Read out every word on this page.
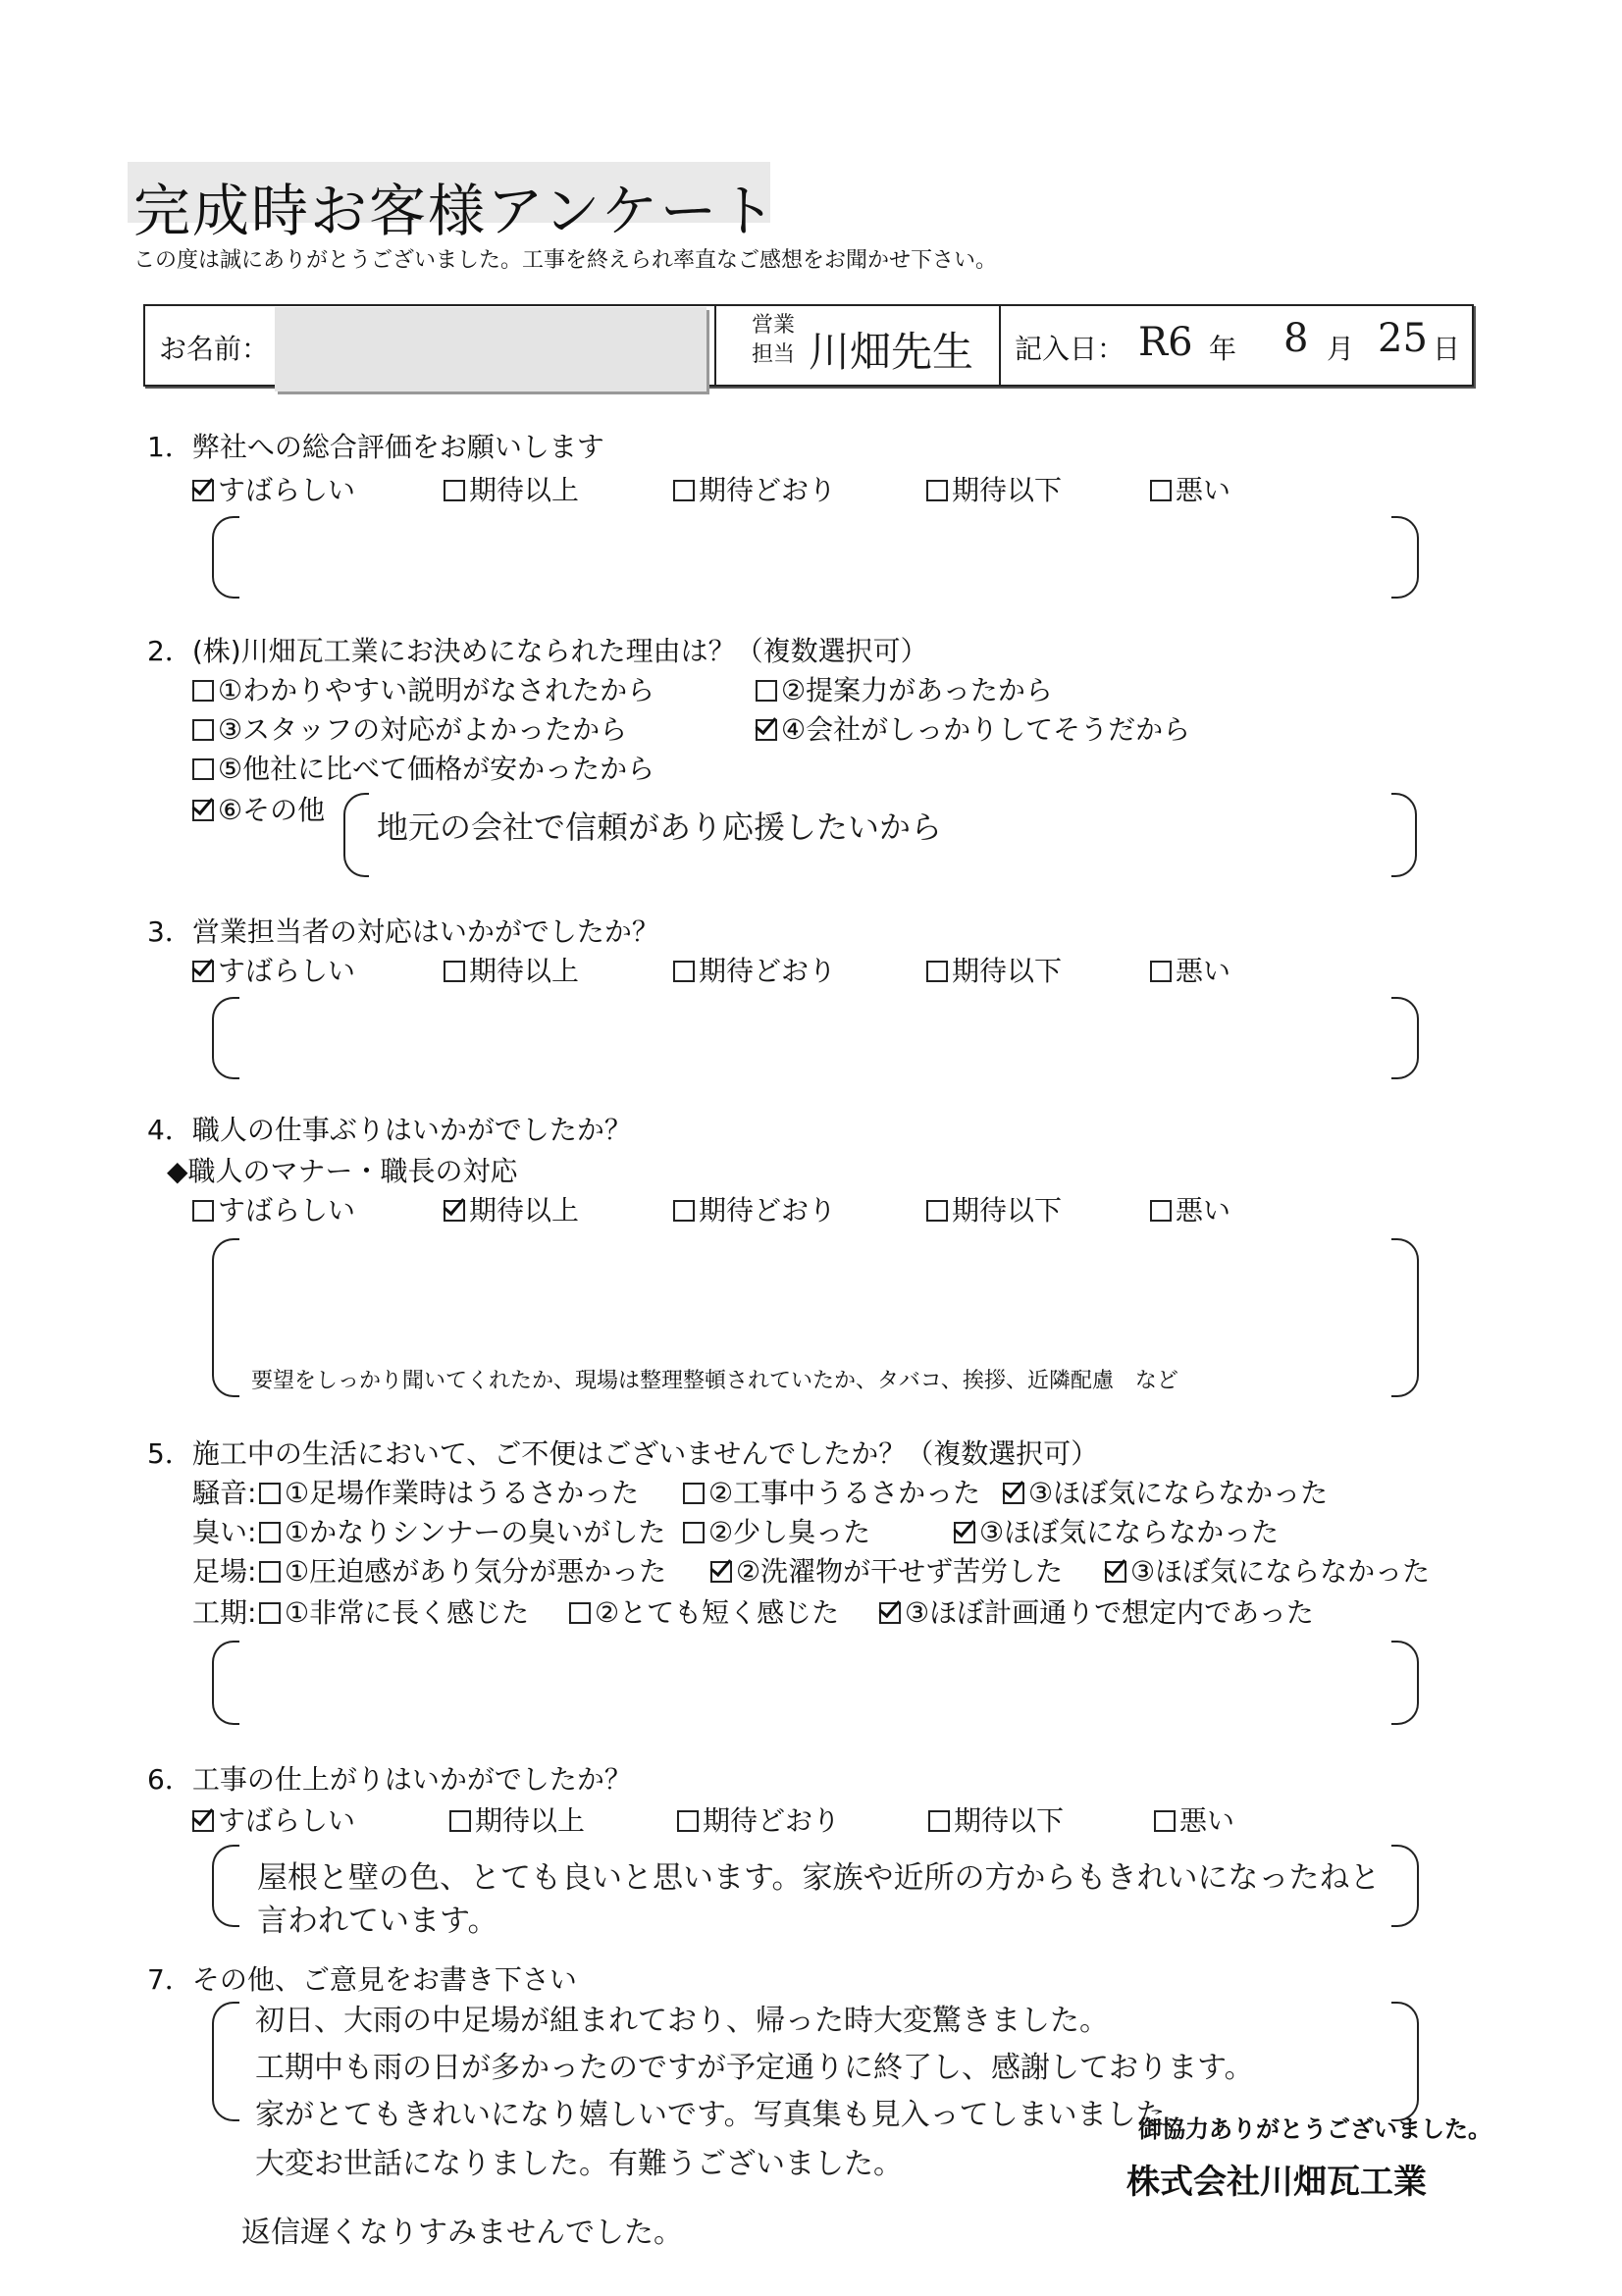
完成時お客様アンケート
この度は誠にありがとうございました。工事を終えられ率直なご感想をお聞かせ下さい。
お名前：
営業
担当 川畑先生 記入日： R6 年 8 月 25 日
1．弊社への総合評価をお願いします
すばらしい	期待以上	期待どおり	期待以下	悪い
2．(株)川畑瓦工業にお決めになられた理由は？（複数選択可）
①わかりやすい説明がなされたから	②提案力があったから
③スタッフの対応がよかったから	④会社がしっかりしてそうだから
⑤他社に比べて価格が安かったから
⑥その他 地元の会社で信頼があり応援したいから
3．営業担当者の対応はいかがでしたか？
すばらしい	期待以上	期待どおり	期待以下	悪い
4．職人の仕事ぶりはいかがでしたか？
◆職人のマナー・職長の対応
すばらしい	期待以上	期待どおり	期待以下	悪い
要望をしっかり聞いてくれたか、現場は整理整頓されていたか、タバコ、挨拶、近隣配慮　など
5．施工中の生活において、ご不便はございませんでしたか？（複数選択可）
騒音:	①足場作業時はうるさかった	②工事中うるさかった	③ほぼ気にならなかった
臭い:	①かなりシンナーの臭いがした	②少し臭った	③ほぼ気にならなかった
足場:	①圧迫感があり気分が悪かった	②洗濯物が干せず苦労した	③ほぼ気にならなかった
工期:	①非常に長く感じた	②とても短く感じた	③ほぼ計画通りで想定内であった
6．工事の仕上がりはいかがでしたか？
すばらしい	期待以上	期待どおり	期待以下	悪い
屋根と壁の色、とても良いと思います。家族や近所の方からもきれいになったねと
言われています。
7．その他、ご意見をお書き下さい
初日、大雨の中足場が組まれており、帰った時大変驚きました。
工期中も雨の日が多かったのですが予定通りに終了し、感謝しております。
家がとてもきれいになり嬉しいです。写真集も見入ってしまいました。
大変お世話になりました。有難うございました。
返信遅くなりすみませんでした。
御協力ありがとうございました。
株式会社川畑瓦工業
